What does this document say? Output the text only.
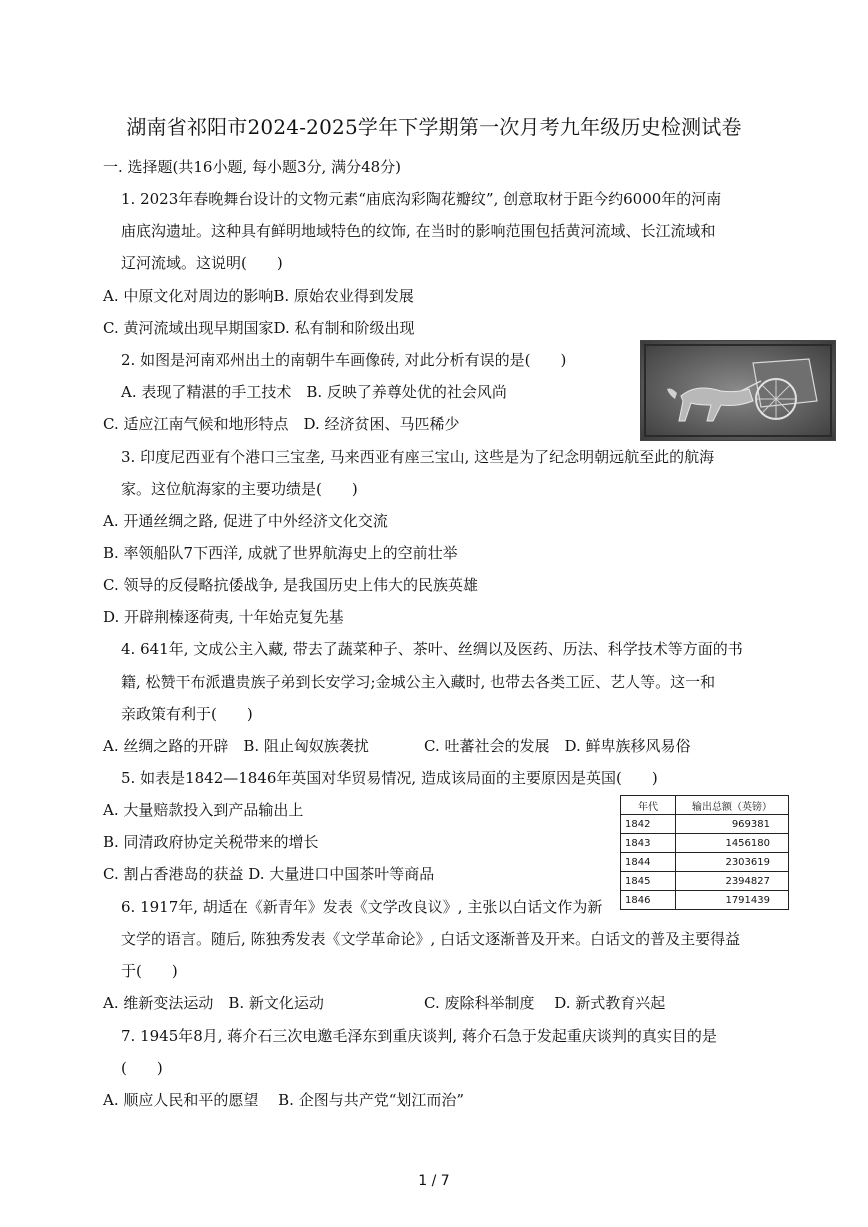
湖南省祁阳市2024-2025学年下学期第一次月考九年级历史检测试卷
一. 选择题(共16小题, 每小题3分, 满分48分)
1. 2023年春晚舞台设计的文物元素“庙底沟彩陶花瓣纹”, 创意取材于距今约6000年的河南
庙底沟遗址。这种具有鲜明地域特色的纹饰, 在当时的影响范围包括黄河流域、长江流域和
辽河流域。这说明(　　)
A. 中原文化对周边的影响B. 原始农业得到发展
C. 黄河流域出现早期国家D. 私有制和阶级出现
2. 如图是河南邓州出土的南朝牛车画像砖, 对此分析有误的是(　　)
A. 表现了精湛的手工技术　B. 反映了养尊处优的社会风尚
C. 适应江南气候和地形特点　D. 经济贫困、马匹稀少
3. 印度尼西亚有个港口三宝垄, 马来西亚有座三宝山, 这些是为了纪念明朝远航至此的航海
家。这位航海家的主要功绩是(　　)
A. 开通丝绸之路, 促进了中外经济文化交流
B. 率领船队7下西洋, 成就了世界航海史上的空前壮举
C. 领导的反侵略抗倭战争, 是我国历史上伟大的民族英雄
D. 开辟荆榛逐荷夷, 十年始克复先基
4. 641年, 文成公主入藏, 带去了蔬菜种子、茶叶、丝绸以及医药、历法、科学技术等方面的书
籍, 松赞干布派遣贵族子弟到长安学习;金城公主入藏时, 也带去各类工匠、艺人等。这一和
亲政策有利于(　　)
A. 丝绸之路的开辟　B. 阻止匈奴族袭扰	C. 吐蕃社会的发展　D. 鲜卑族移风易俗
5. 如表是1842—1846年英国对华贸易情况, 造成该局面的主要原因是英国(　　)
A. 大量赔款投入到产品输出上
B. 同清政府协定关税带来的增长
C. 割占香港岛的获益 D. 大量进口中国茶叶等商品
年代	输出总额（英镑）
1842	969381
1843	1456180
1844	2303619
1845	2394827
1846	1791439
6. 1917年, 胡适在《新青年》发表《文学改良议》, 主张以白话文作为新
文学的语言。随后, 陈独秀发表《文学革命论》, 白话文逐渐普及开来。白话文的普及主要得益
于(　　)
A. 维新变法运动　B. 新文化运动	C. 废除科举制度　 D. 新式教育兴起
7. 1945年8月, 蒋介石三次电邀毛泽东到重庆谈判, 蒋介石急于发起重庆谈判的真实目的是
(　　)
A. 顺应人民和平的愿望　 B. 企图与共产党“划江而治”
1 / 7
